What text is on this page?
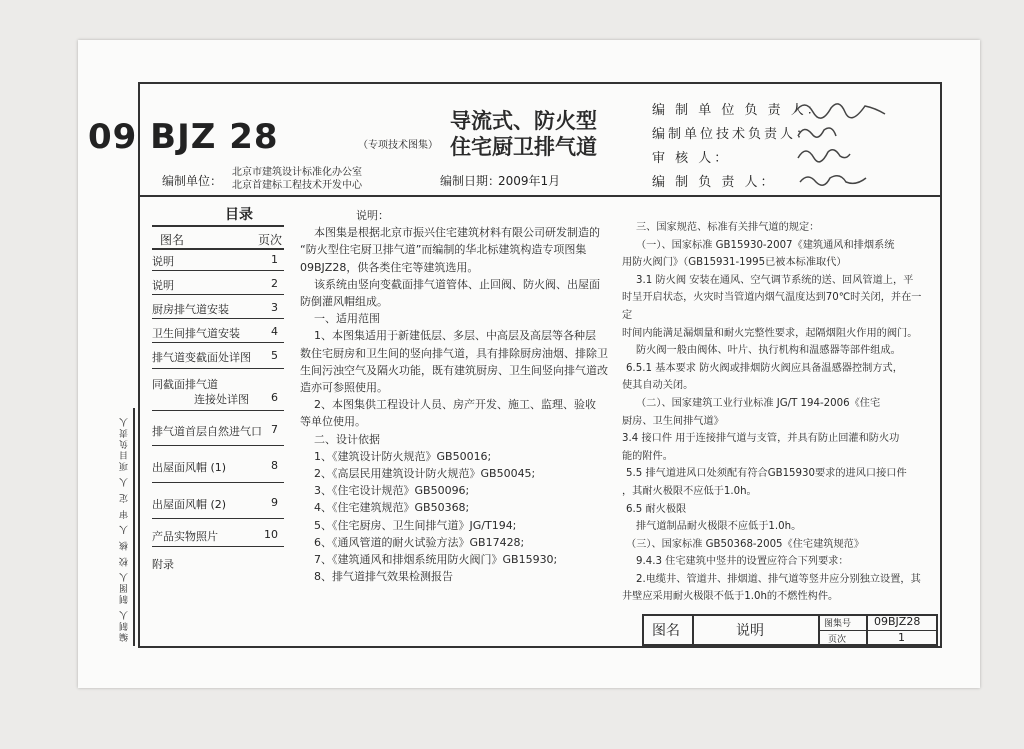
09 BJZ 28	（专项技术图集）
导流式、防火型
住宅厨卫排气道
编制单位：
北京市建筑设计标准化办公室
北京首建标工程技术开发中心	编制日期：
2009年1月
编 制 单 位 负 责 人：
编制单位技术负责人：
审 核 人：
编 制 负 责 人：
目录
图名	页次
说明	1
说明	2
厨房排气道安装	3
卫生间排气道安装	4
排气道变截面处详图 5
同截面排气道
连接处详图 6
排气道首层自然进气口 7
出屋面风帽 (1)	8
出屋面风帽 (2)	9
产品实物照片	10
附录
编制人 制图人 校 核 人 审 定 人 项目负责人

说明：

本图集是根据北京市振兴住宅建筑材料有限公司研发制造的

“防火型住宅厨卫排气道”而编制的华北标建筑构造专项图集

09BJZ28，供各类住宅等建筑选用。

该系统由竖向变截面排气道管体、止回阀、防火阀、出屋面

防倒灌风帽组成。

一、适用范围

1、本图集适用于新建低层、多层、中高层及高层等各种层

数住宅厨房和卫生间的竖向排气道，具有排除厨房油烟、排除卫

生间污浊空气及隔火功能，既有建筑厨房、卫生间竖向排气道改

造亦可参照使用。

2、本图集供工程设计人员、房产开发、施工、监理、验收

等单位使用。

二、设计依据

1、《建筑设计防火规范》GB50016;

2、《高层民用建筑设计防火规范》GB50045;

3、《住宅设计规范》GB50096;

4、《住宅建筑规范》GB50368;

5、《住宅厨房、卫生间排气道》JG/T194;

6、《通风管道的耐火试验方法》GB17428;

7、《建筑通风和排烟系统用防火阀门》GB15930;

8、排气道排气效果检测报告

三、国家规范、标准有关排气道的规定：

（一）、国家标准 GB15930-2007《建筑通风和排烟系统

用防火阀门》（GB15931-1995已被本标准取代）

3.1 防火阀 安装在通风、空气调节系统的送、回风管道上，平

时呈开启状态，火灾时当管道内烟气温度达到70℃时关闭，并在一定

时间内能满足漏烟量和耐火完整性要求，起隔烟阻火作用的阀门。

防火阀一般由阀体、叶片、执行机构和温感器等部件组成。

6.5.1 基本要求 防火阀或排烟防火阀应具备温感器控制方式，

使其自动关闭。

（二）、国家建筑工业行业标准 JG/T 194-2006《住宅

厨房、卫生间排气道》

3.4 接口件 用于连接排气道与支管，并具有防止回灌和防火功

能的附件。

5.5 排气道进风口处须配有符合GB15930要求的进风口接口件

，其耐火极限不应低于1.0h。

6.5 耐火极限

排气道制品耐火极限不应低于1.0h。

（三）、国家标准 GB50368-2005《住宅建筑规范》

9.4.3 住宅建筑中竖井的设置应符合下列要求：

2.电缆井、管道井、排烟道、排气道等竖井应分别独立设置，其

井壁应采用耐火极限不低于1.0h的不燃性构件。

图名	说明	图集号 09BJZ28
页次	1
